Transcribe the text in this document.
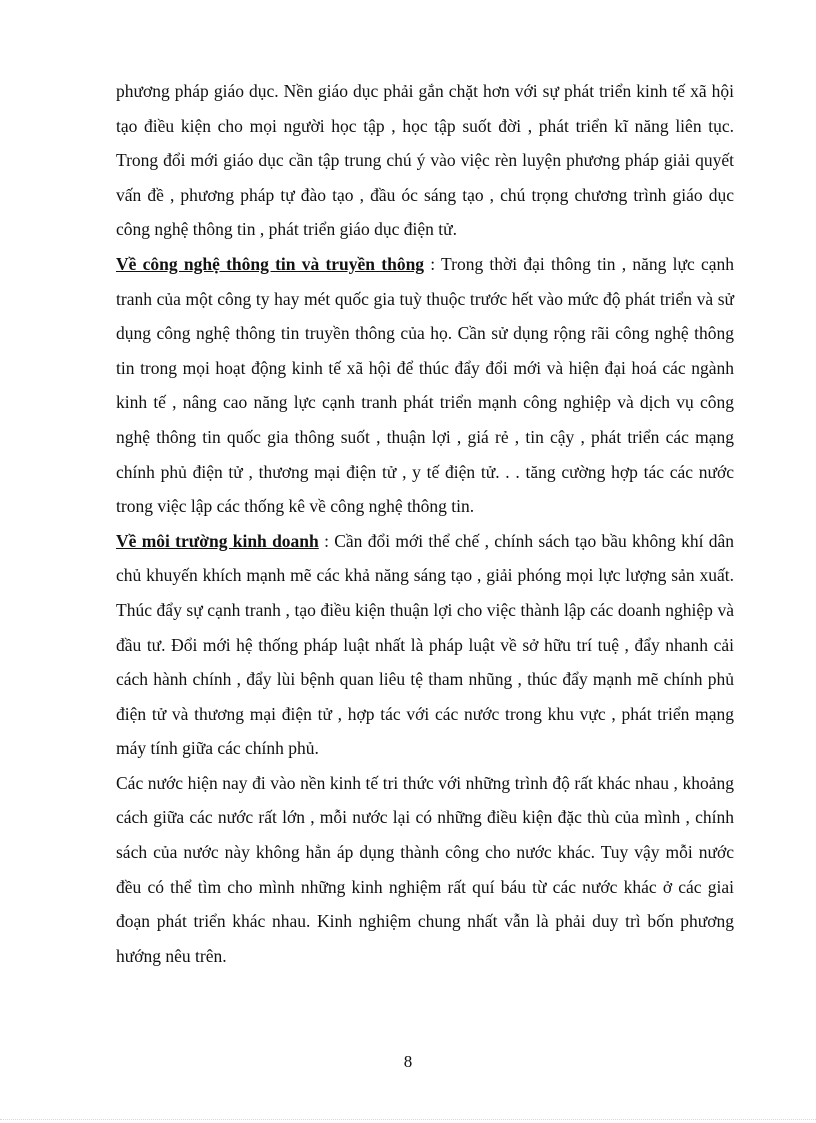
phương pháp giáo dục. Nền giáo dục phải gắn chặt hơn với sự phát triển kinh tế xã hội tạo điều kiện cho mọi người học tập , học tập suốt đời , phát triển kĩ năng liên tục. Trong đổi mới giáo dục cần tập trung chú ý vào việc rèn luyện phương pháp giải quyết vấn đề , phương pháp tự đào tạo , đầu óc sáng tạo , chú trọng chương trình giáo dục công nghệ thông tin , phát triển giáo dục điện tử.

Về công nghệ thông tin và truyền thông : Trong thời đại thông tin , năng lực cạnh tranh của một công ty hay mét quốc gia tuỳ thuộc trước hết vào mức độ phát triển và sử dụng công nghệ thông tin truyền thông của họ. Cần sử dụng rộng rãi công nghệ thông tin trong mọi hoạt động kinh tế xã hội để thúc đẩy đổi mới và hiện đại hoá các ngành kinh tế , nâng cao năng lực cạnh tranh phát triển mạnh công nghiệp và dịch vụ công nghệ thông tin quốc gia thông suốt , thuận lợi , giá rẻ , tin cậy , phát triển các mạng chính phủ điện tử , thương mại điện tử , y tế điện tử. . . tăng cường hợp tác các nước trong việc lập các thống kê về công nghệ thông tin.

Về môi trường kinh doanh : Cần đổi mới thể chế , chính sách tạo bầu không khí dân chủ khuyến khích mạnh mẽ các khả năng sáng tạo , giải phóng mọi lực lượng sản xuất. Thúc đẩy sự cạnh tranh , tạo điều kiện thuận lợi cho việc thành lập các doanh nghiệp và đầu tư. Đổi mới hệ thống pháp luật nhất là pháp luật về sở hữu trí tuệ , đẩy nhanh cải cách hành chính , đẩy lùi bệnh quan liêu tệ tham nhũng , thúc đẩy mạnh mẽ chính phủ điện tử và thương mại điện tử , hợp tác với các nước trong khu vực , phát triển mạng máy tính giữa các chính phủ.

Các nước hiện nay đi vào nền kinh tế tri thức với những trình độ rất khác nhau , khoảng cách giữa các nước rất lớn , mỗi nước lại có những điều kiện đặc thù của mình , chính sách của nước này không hẳn áp dụng thành công cho nước khác. Tuy vậy mỗi nước đều có thể tìm cho mình những kinh nghiệm rất quí báu từ các nước khác ở các giai đoạn phát triển khác nhau. Kinh nghiệm chung nhất vẫn là phải duy trì bốn phương hướng nêu trên.

8
